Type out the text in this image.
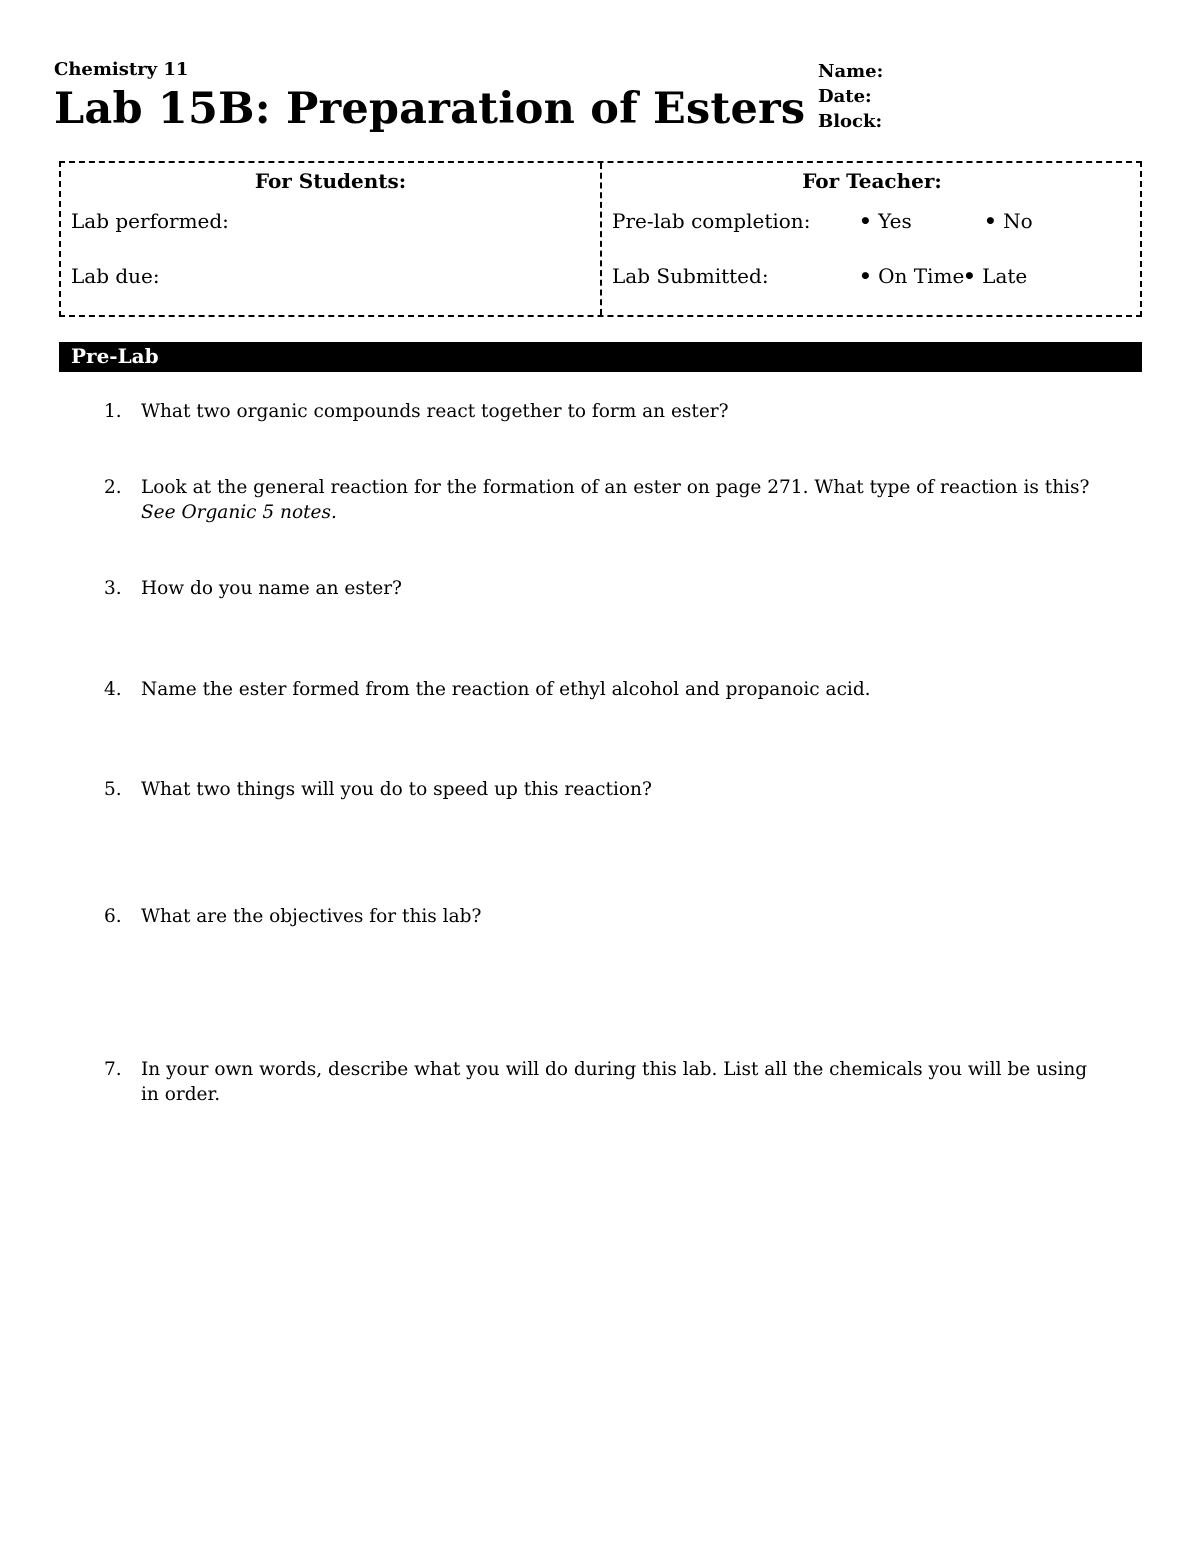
Chemistry 11
Lab 15B: Preparation of Esters
Name:
Date:
Block:
For Students:	For Teacher:
Lab performed:
Lab due:
Pre-lab completion:
Lab Submitted:
• Yes	• No
• On Time
• Late
Pre-Lab
1. What two organic compounds react together to form an ester?
2. Look at the general reaction for the formation of an ester on page 271. What type of reaction is this? See Organic 5 notes.
3. How do you name an ester?
4. Name the ester formed from the reaction of ethyl alcohol and propanoic acid.
5. What two things will you do to speed up this reaction?
6. What are the objectives for this lab?
7. In your own words, describe what you will do during this lab. List all the chemicals you will be using in order.
